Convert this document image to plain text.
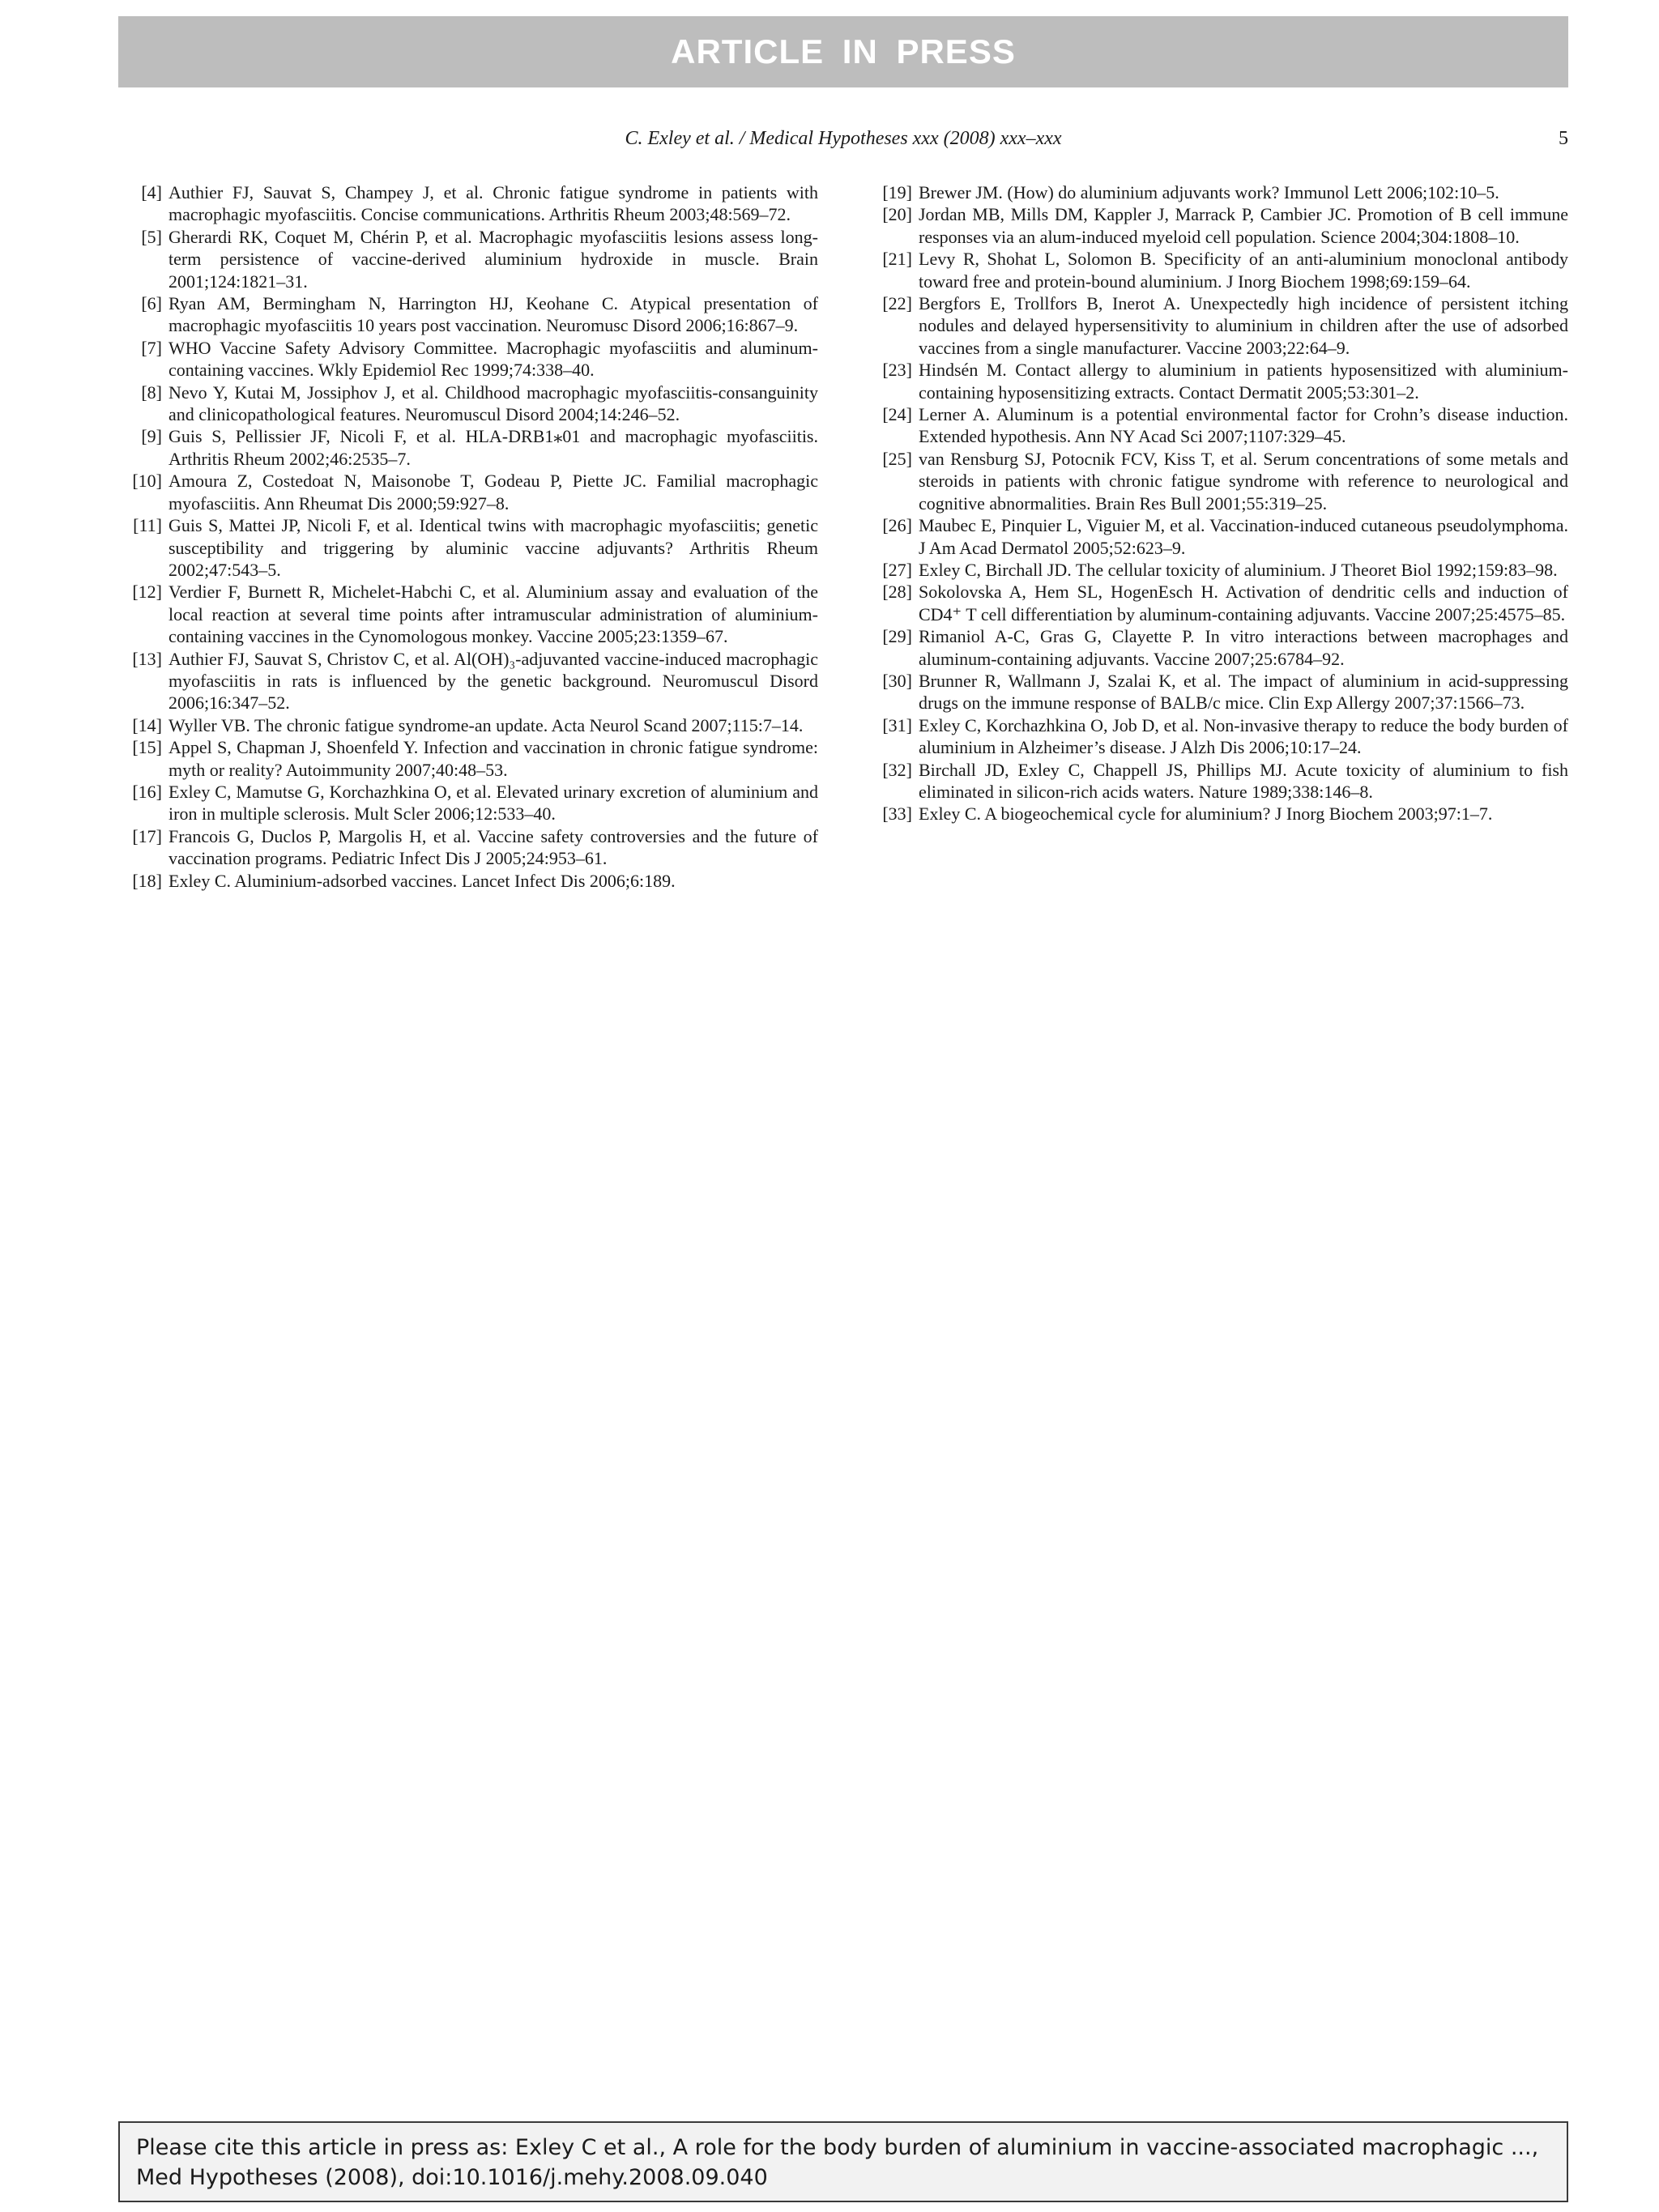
ARTICLE IN PRESS
C. Exley et al. / Medical Hypotheses xxx (2008) xxx–xxx	5
[4] Authier FJ, Sauvat S, Champey J, et al. Chronic fatigue syndrome in patients with macrophagic myofasciitis. Concise communications. Arthritis Rheum 2003;48:569–72.
[5] Gherardi RK, Coquet M, Chérin P, et al. Macrophagic myofasciitis lesions assess long-term persistence of vaccine-derived aluminium hydroxide in muscle. Brain 2001;124:1821–31.
[6] Ryan AM, Bermingham N, Harrington HJ, Keohane C. Atypical presentation of macrophagic myofasciitis 10 years post vaccination. Neuromusc Disord 2006;16:867–9.
[7] WHO Vaccine Safety Advisory Committee. Macrophagic myofasciitis and aluminum-containing vaccines. Wkly Epidemiol Rec 1999;74:338–40.
[8] Nevo Y, Kutai M, Jossiphov J, et al. Childhood macrophagic myofasciitis-consanguinity and clinicopathological features. Neuromuscul Disord 2004;14:246–52.
[9] Guis S, Pellissier JF, Nicoli F, et al. HLA-DRB1⁎01 and macrophagic myofasciitis. Arthritis Rheum 2002;46:2535–7.
[10] Amoura Z, Costedoat N, Maisonobe T, Godeau P, Piette JC. Familial macrophagic myofasciitis. Ann Rheumat Dis 2000;59:927–8.
[11] Guis S, Mattei JP, Nicoli F, et al. Identical twins with macrophagic myofasciitis; genetic susceptibility and triggering by aluminic vaccine adjuvants? Arthritis Rheum 2002;47:543–5.
[12] Verdier F, Burnett R, Michelet-Habchi C, et al. Aluminium assay and evaluation of the local reaction at several time points after intramuscular administration of aluminium-containing vaccines in the Cynomologous monkey. Vaccine 2005;23:1359–67.
[13] Authier FJ, Sauvat S, Christov C, et al. Al(OH)₃-adjuvanted vaccine-induced macrophagic myofasciitis in rats is influenced by the genetic background. Neuromuscul Disord 2006;16:347–52.
[14] Wyller VB. The chronic fatigue syndrome-an update. Acta Neurol Scand 2007;115:7–14.
[15] Appel S, Chapman J, Shoenfeld Y. Infection and vaccination in chronic fatigue syndrome: myth or reality? Autoimmunity 2007;40:48–53.
[16] Exley C, Mamutse G, Korchazhkina O, et al. Elevated urinary excretion of aluminium and iron in multiple sclerosis. Mult Scler 2006;12:533–40.
[17] Francois G, Duclos P, Margolis H, et al. Vaccine safety controversies and the future of vaccination programs. Pediatric Infect Dis J 2005;24:953–61.
[18] Exley C. Aluminium-adsorbed vaccines. Lancet Infect Dis 2006;6:189.
[19] Brewer JM. (How) do aluminium adjuvants work? Immunol Lett 2006;102:10–5.
[20] Jordan MB, Mills DM, Kappler J, Marrack P, Cambier JC. Promotion of B cell immune responses via an alum-induced myeloid cell population. Science 2004;304:1808–10.
[21] Levy R, Shohat L, Solomon B. Specificity of an anti-aluminium monoclonal antibody toward free and protein-bound aluminium. J Inorg Biochem 1998;69:159–64.
[22] Bergfors E, Trollfors B, Inerot A. Unexpectedly high incidence of persistent itching nodules and delayed hypersensitivity to aluminium in children after the use of adsorbed vaccines from a single manufacturer. Vaccine 2003;22:64–9.
[23] Hindsén M. Contact allergy to aluminium in patients hyposensitized with aluminium-containing hyposensitizing extracts. Contact Dermatit 2005;53:301–2.
[24] Lerner A. Aluminum is a potential environmental factor for Crohn’s disease induction. Extended hypothesis. Ann NY Acad Sci 2007;1107:329–45.
[25] van Rensburg SJ, Potocnik FCV, Kiss T, et al. Serum concentrations of some metals and steroids in patients with chronic fatigue syndrome with reference to neurological and cognitive abnormalities. Brain Res Bull 2001;55:319–25.
[26] Maubec E, Pinquier L, Viguier M, et al. Vaccination-induced cutaneous pseudolymphoma. J Am Acad Dermatol 2005;52:623–9.
[27] Exley C, Birchall JD. The cellular toxicity of aluminium. J Theoret Biol 1992;159:83–98.
[28] Sokolovska A, Hem SL, HogenEsch H. Activation of dendritic cells and induction of CD4⁺ T cell differentiation by aluminum-containing adjuvants. Vaccine 2007;25:4575–85.
[29] Rimaniol A-C, Gras G, Clayette P. In vitro interactions between macrophages and aluminum-containing adjuvants. Vaccine 2007;25:6784–92.
[30] Brunner R, Wallmann J, Szalai K, et al. The impact of aluminium in acid-suppressing drugs on the immune response of BALB/c mice. Clin Exp Allergy 2007;37:1566–73.
[31] Exley C, Korchazhkina O, Job D, et al. Non-invasive therapy to reduce the body burden of aluminium in Alzheimer’s disease. J Alzh Dis 2006;10:17–24.
[32] Birchall JD, Exley C, Chappell JS, Phillips MJ. Acute toxicity of aluminium to fish eliminated in silicon-rich acids waters. Nature 1989;338:146–8.
[33] Exley C. A biogeochemical cycle for aluminium? J Inorg Biochem 2003;97:1–7.
Please cite this article in press as: Exley C et al., A role for the body burden of aluminium in vaccine-associated macrophagic ..., Med Hypotheses (2008), doi:10.1016/j.mehy.2008.09.040
